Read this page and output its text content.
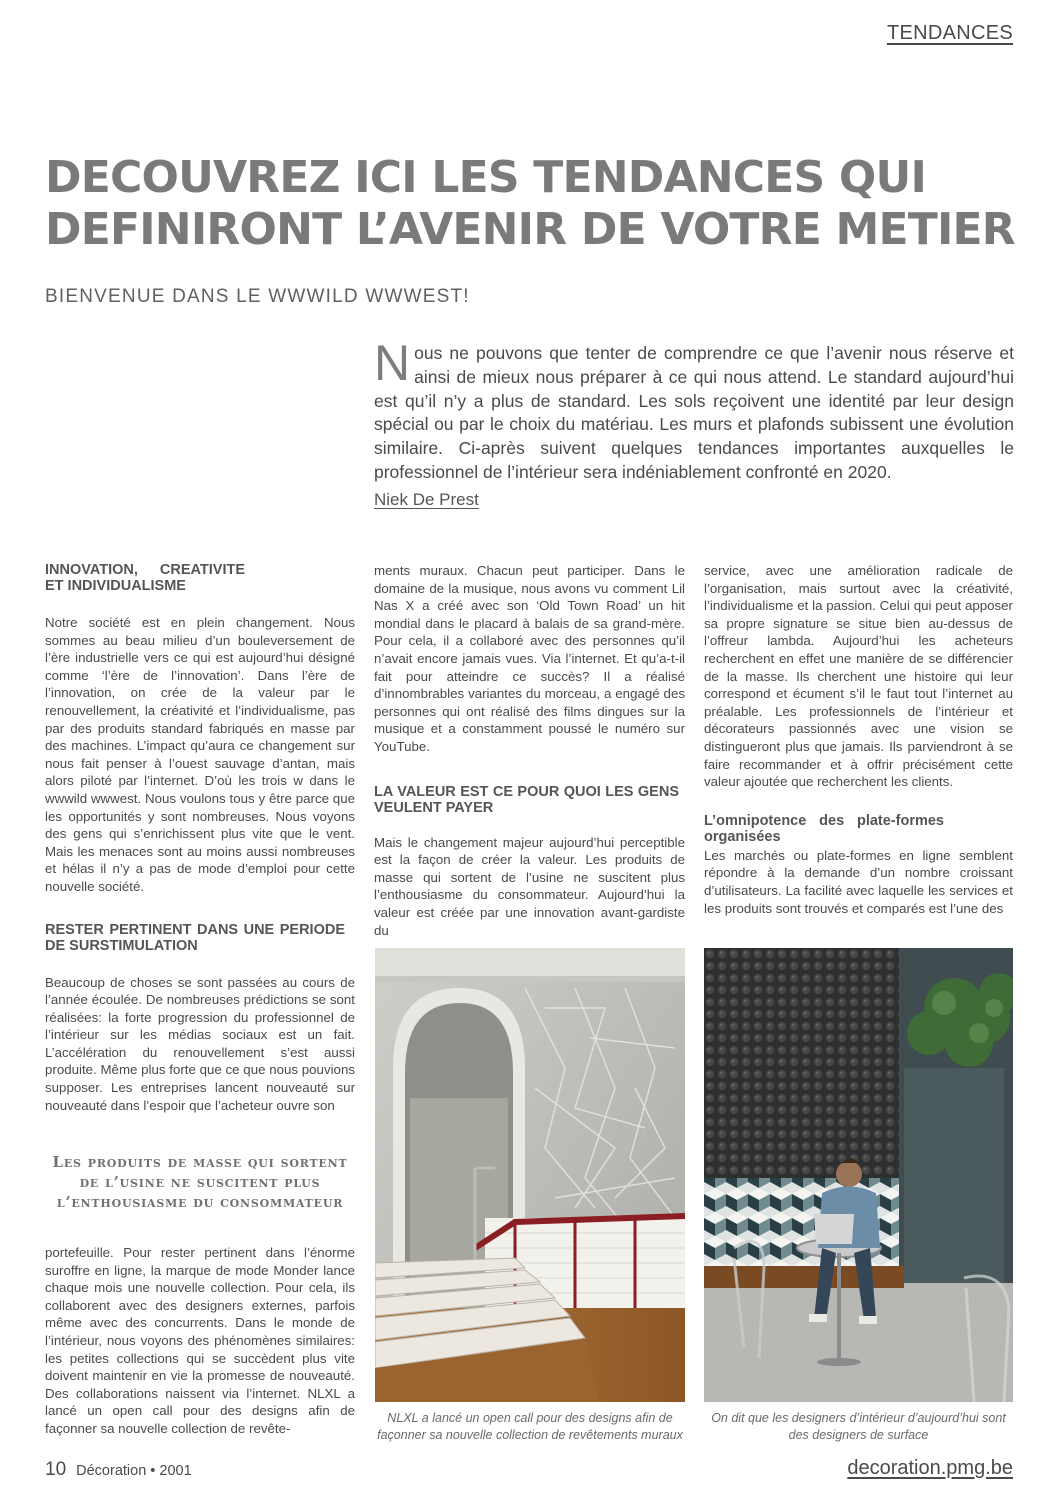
TENDANCES
DECOUVREZ ICI LES TENDANCES QUI DEFINIRONT L’AVENIR DE VOTRE METIER
BIENVENUE DANS LE WWWILD WWWEST!
Nous ne pouvons que tenter de comprendre ce que l’avenir nous réserve et ainsi de mieux nous préparer à ce qui nous attend. Le standard aujourd’hui est qu’il n’y a plus de standard. Les sols reçoivent une identité par leur design spécial ou par le choix du matériau. Les murs et plafonds subissent une évolution similaire. Ci-après suivent quelques tendances importantes auxquelles le professionnel de l’intérieur sera indéniablement confronté en 2020.
Niek De Prest
INNOVATION, CREATIVITE ET INDIVIDUALISME

Notre société est en plein changement. Nous sommes au beau milieu d’un bouleversement de l’ère industrielle vers ce qui est aujourd’hui désigné comme ‘l’ère de l’innovation’. Dans l’ère de l’innovation, on crée de la valeur par le renouvellement, la créativité et l’individualisme, pas par des produits standard fabriqués en masse par des machines. L’impact qu’aura ce changement sur nous fait penser à l’ouest sauvage d’antan, mais alors piloté par l’internet. D’où les trois w dans le wwwild wwwest. Nous voulons tous y être parce que les opportunités y sont nombreuses. Nous voyons des gens qui s’enrichissent plus vite que le vent. Mais les menaces sont au moins aussi nombreuses et hélas il n’y a pas de mode d’emploi pour cette nouvelle société.

RESTER PERTINENT DANS UNE PERIODE DE SURSTIMULATION

Beaucoup de choses se sont passées au cours de l’année écoulée. De nombreuses prédictions se sont réalisées: la forte progression du professionnel de l’intérieur sur les médias sociaux est un fait. L’accélération du renouvellement s’est aussi produite. Même plus forte que ce que nous pouvions supposer. Les entreprises lancent nouveauté sur nouveauté dans l’espoir que l’acheteur ouvre son

Les produits de masse qui sortent de l’usine ne suscitent plus l’enthousiasme du consommateur

portefeuille. Pour rester pertinent dans l’énorme suroffre en ligne, la marque de mode Monder lance chaque mois une nouvelle collection. Pour cela, ils collaborent avec des designers externes, parfois même avec des concurrents. Dans le monde de l’intérieur, nous voyons des phénomènes similaires: les petites collections qui se succèdent plus vite doivent maintenir en vie la promesse de nouveauté. Des collaborations naissent via l’internet. NLXL a lancé un open call pour des designs afin de façonner sa nouvelle collection de revête-

ments muraux. Chacun peut participer. Dans le domaine de la musique, nous avons vu comment Lil Nas X a créé avec son ‘Old Town Road’ un hit mondial dans le placard à balais de sa grand-mère. Pour cela, il a collaboré avec des personnes qu’il n’avait encore jamais vues. Via l’internet. Et qu’a-t-il fait pour atteindre ce succès? Il a réalisé d’innombrables variantes du morceau, a engagé des personnes qui ont réalisé des films dingues sur la musique et a constamment poussé le numéro sur YouTube.

LA VALEUR EST CE POUR QUOI LES GENS VEULENT PAYER

Mais le changement majeur aujourd’hui perceptible est la façon de créer la valeur. Les produits de masse qui sortent de l’usine ne suscitent plus l’enthousiasme du consommateur. Aujourd’hui la valeur est créée par une innovation avant-gardiste du

service, avec une amélioration radicale de l’organisation, mais surtout avec la créativité, l’individualisme et la passion. Celui qui peut apposer sa propre signature se situe bien au-dessus de l’offreur lambda. Aujourd’hui les acheteurs recherchent en effet une manière de se différencier de la masse. Ils cherchent une histoire qui leur correspond et écument s’il le faut tout l’internet au préalable. Les professionnels de l’intérieur et décorateurs passionnés avec une vision se distingueront plus que jamais. Ils parviendront à se faire recommander et à offrir précisément cette valeur ajoutée que recherchent les clients.

L’omnipotence des plate-formes organisées

Les marchés ou plate-formes en ligne semblent répondre à la demande d’un nombre croissant d’utilisateurs. La facilité avec laquelle les services et les produits sont trouvés et comparés est l’une des

NLXL a lancé un open call pour des designs afin de façonner sa nouvelle collection de revêtements muraux
On dit que les designers d’intérieur d’aujourd’hui sont des designers de surface
10 Décoration • 2001	decoration.pmg.be
